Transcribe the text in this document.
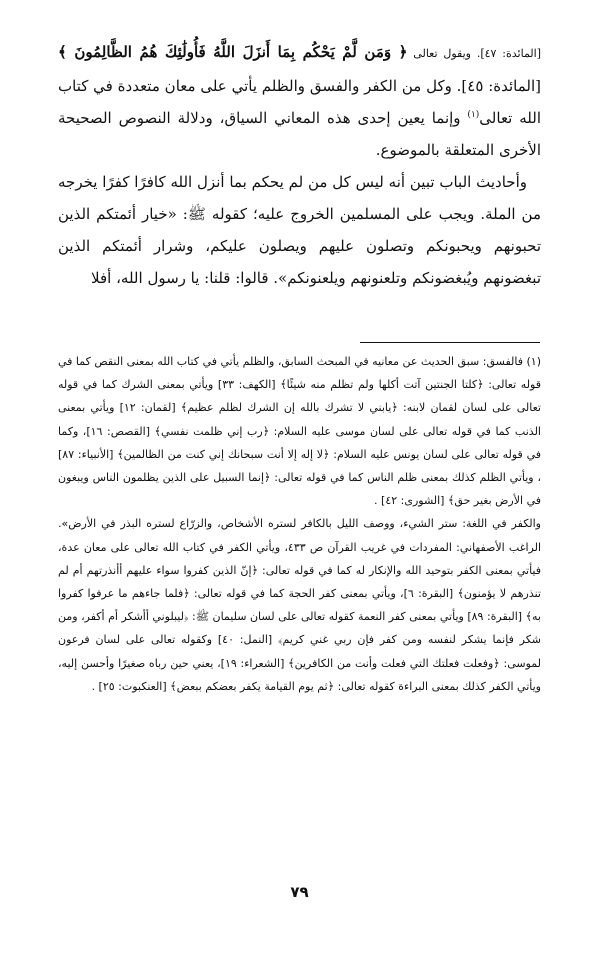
[المائدة: ٤٧]. ويقول تعالى ﴿ وَمَن لَّمْ يَحْكُم بِمَا أَنزَلَ اللَّهُ فَأُولَٰئِكَ هُمُ الظَّالِمُونَ ﴾ [المائدة: ٤٥]. وكل من الكفر والفسق والظلم يأتي على معان متعددة في كتاب الله تعالى$^{(١)}$ وإنما يعين إحدى هذه المعاني السياق، ودلالة النصوص الصحيحة الأخرى المتعلقة بالموضوع.

وأحاديث الباب تبين أنه ليس كل من لم يحكم بما أنزل الله كافرًا كفرًا يخرجه من الملة. ويجب على المسلمين الخروج عليه؛ كقوله ﷺ: «خيار أئمتكم الذين تحبونهم ويحبونكم وتصلون عليهم ويصلون عليكم، وشرار أئمتكم الذين تبغضونهم ويُبغضونكم وتلعنونهم ويلعنونكم». قالوا: قلنا: يا رسول الله، أفلا

(١) فالفسق: سبق الحديث عن معانيه في المبحث السابق، والظلم يأتي في كتاب الله بمعنى النقص كما في قوله تعالى: ﴿كلتا الجنتين آتت أكلها ولم تظلم منه شيئًا﴾ [الكهف: ٣٣] ويأتي بمعنى الشرك كما في قوله تعالى على لسان لقمان لابنه: ﴿يابني لا تشرك بالله إن الشرك لظلم عظيم﴾ [لقمان: ١٢] ويأتي بمعنى الذنب كما في قوله تعالى على لسان موسى عليه السلام: ﴿رب إني ظلمت نفسي﴾ [القصص: ١٦]، وكما في قوله تعالى على لسان يونس عليه السلام: ﴿لا إله إلا أنت سبحانك إني كنت من الظالمين﴾ [الأنبياء: ٨٧] ، ويأتي الظلم كذلك بمعنى ظلم الناس كما في قوله تعالى: ﴿إنما السبيل على الذين يظلمون الناس ويبغون في الأرض بغير حق﴾ [الشورى: ٤٢] .

والكفر في اللغة: ستر الشيء، ووصف الليل بالكافر لستره الأشخاص، والزرّاع لستره البذر في الأرض». الراغب الأصفهاني: المفردات في غريب القرآن ص ٤٣٣، ويأتي الكفر في كتاب الله تعالى على معان عدة، فيأتي بمعنى الكفر بتوحيد الله والإنكار له كما في قوله تعالى: ﴿إنّ الذين كفروا سواء عليهم أأنذرتهم أم لم تنذرهم لا يؤمنون﴾ [البقرة: ٦]، ويأتي بمعنى كفر الحجة كما في قوله تعالى: ﴿فلما جاءهم ما عرفوا كفروا به﴾ [البقرة: ٨٩] ويأتي بمعنى كفر النعمة كقوله تعالى على لسان سليمان ﷺ: ﴿ليبلوني أأشكر أم أكفر، ومن شكر فإنما يشكر لنفسه ومن كفر فإن ربي غني كريم﴾ [النمل: ٤٠] وكقوله تعالى على لسان فرعون لموسى: ﴿وفعلت فعلتك التي فعلت وأنت من الكافرين﴾ [الشعراء: ١٩]، يعني حين رباه صغيرًا وأحسن إليه، ويأتي الكفر كذلك بمعنى البراءة كقوله تعالى: ﴿ثم يوم القيامة يكفر بعضكم ببعض﴾ [العنكبوت: ٢٥] .

٧٩
